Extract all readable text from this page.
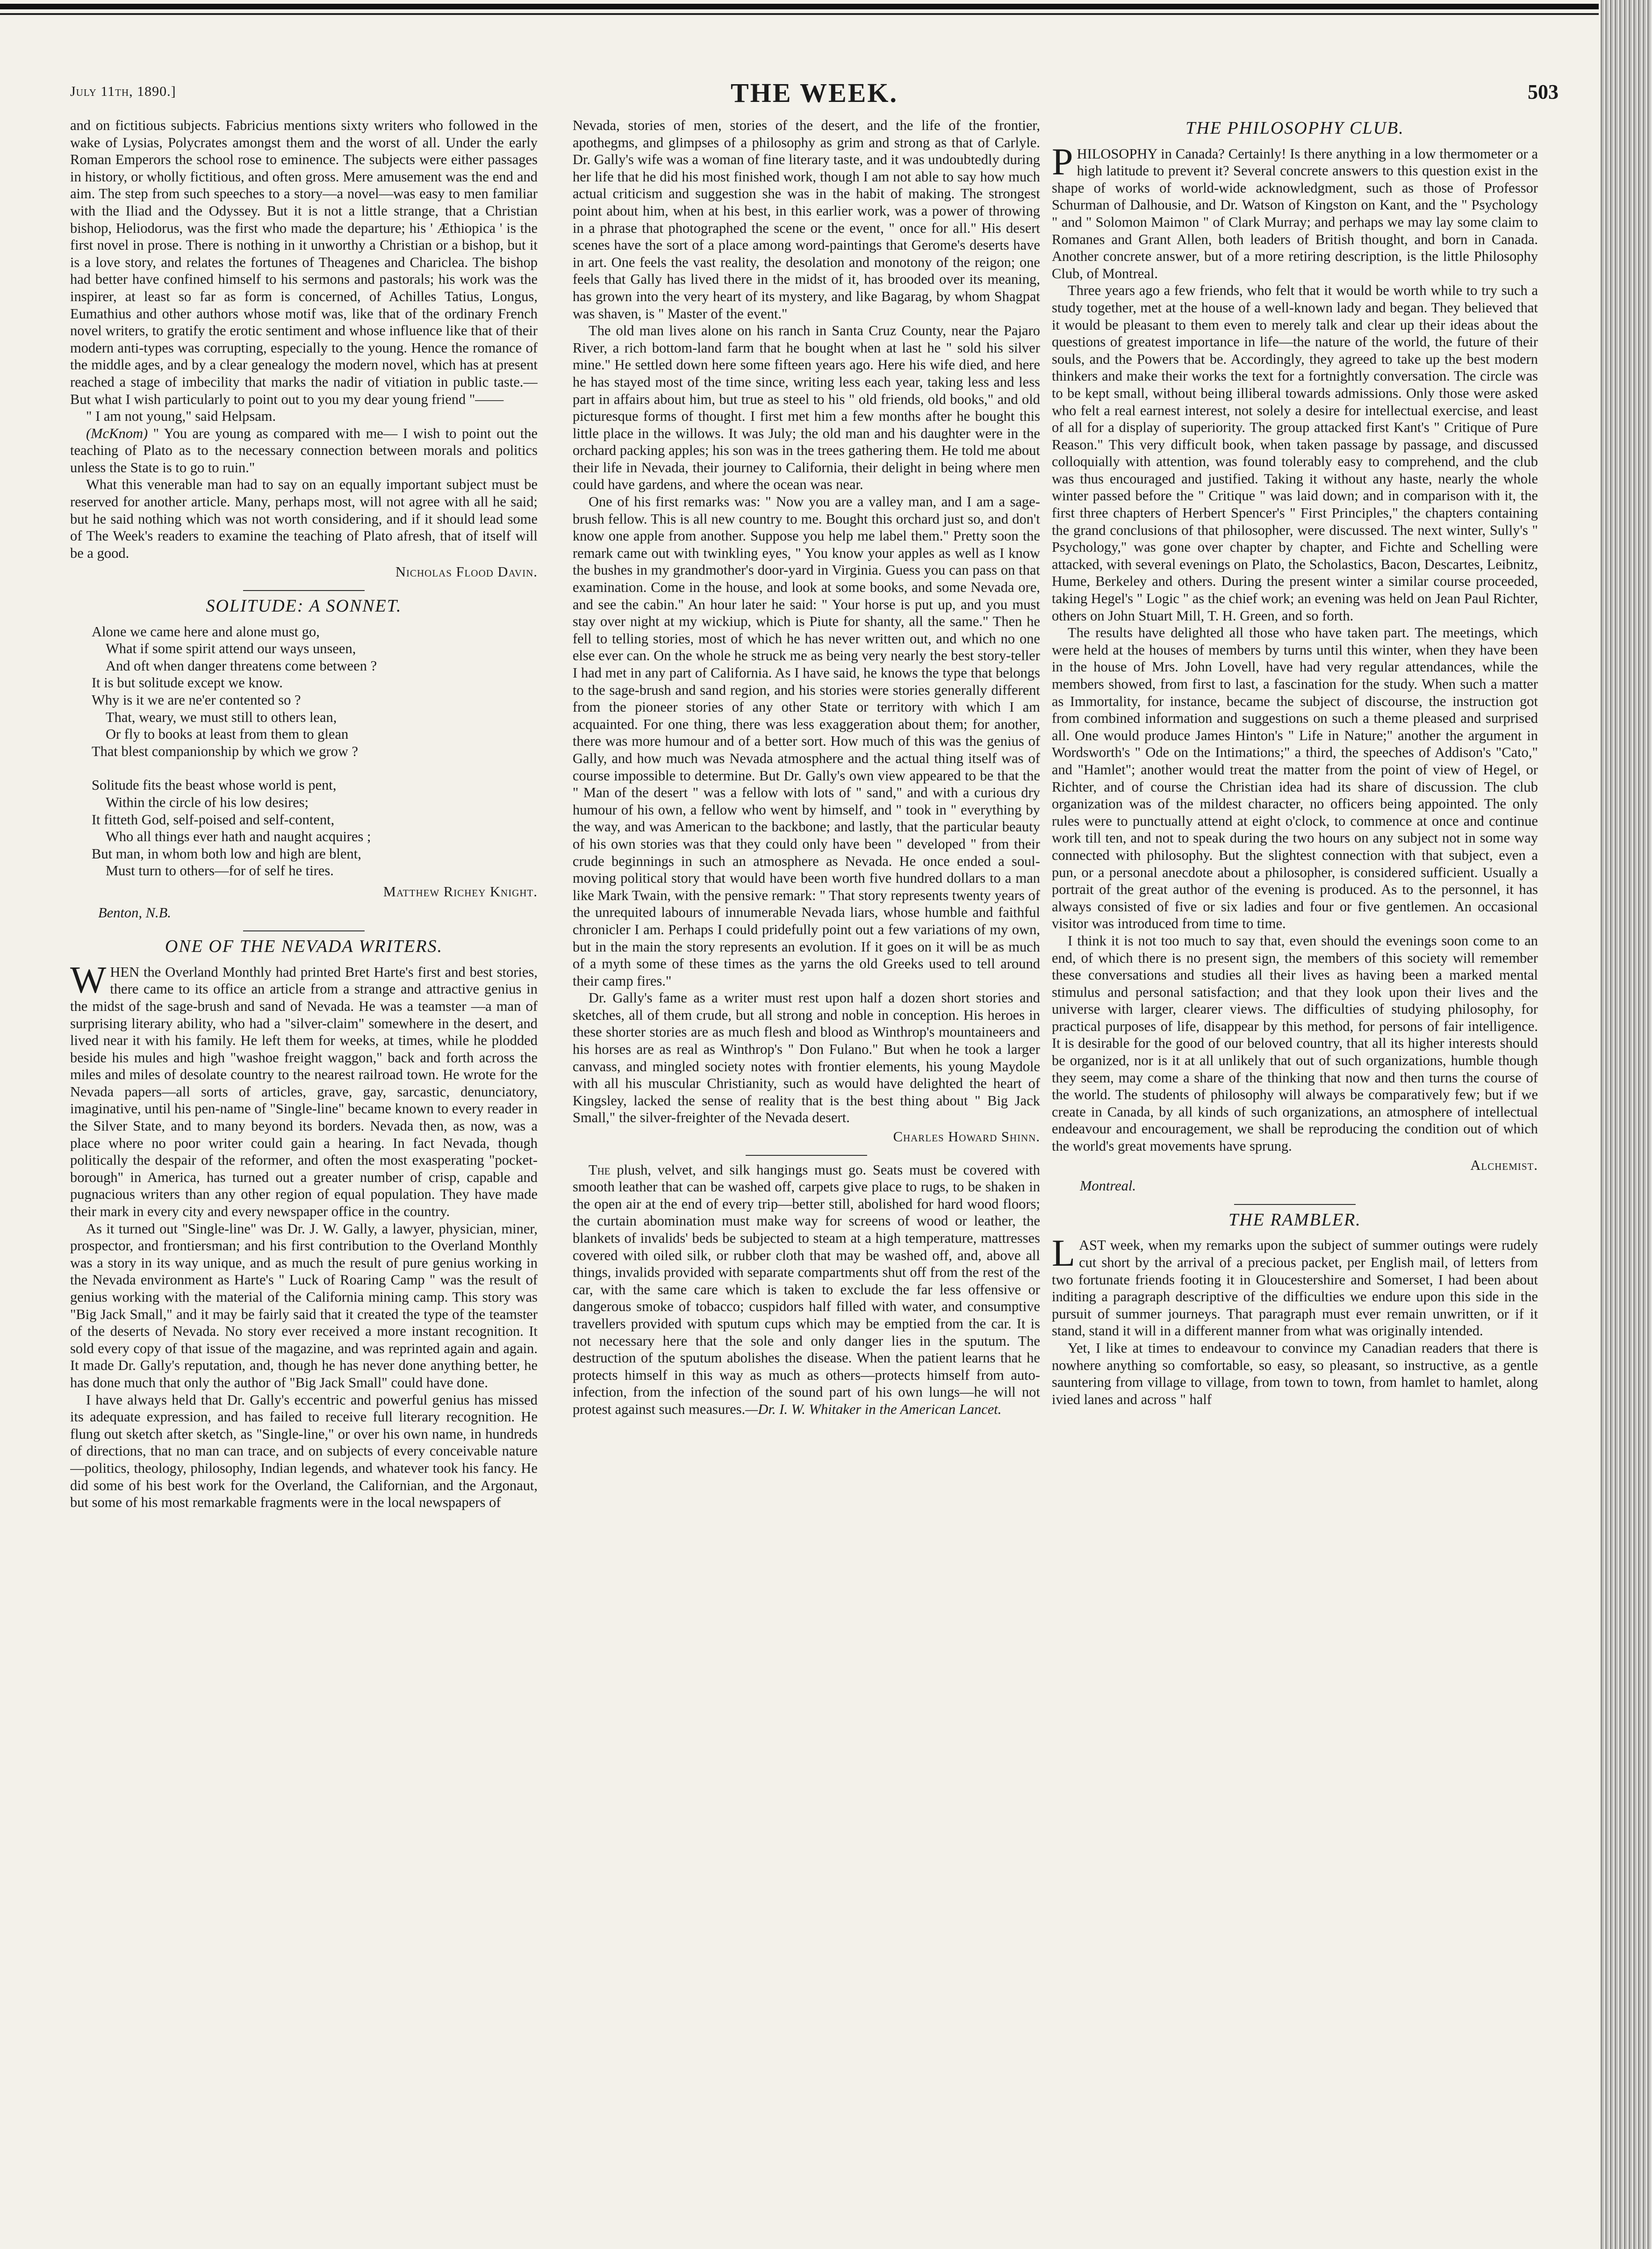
July 11th, 1890.]	THE WEEK.	503

and on fictitious subjects. Fabricius mentions sixty writers who followed in the wake of Lysias, Polycrates amongst them and the worst of all. Under the early Roman Emperors the school rose to eminence. The subjects were either passages in history, or wholly fictitious, and often gross. Mere amusement was the end and aim. The step from such speeches to a story—a novel—was easy to men familiar with the Iliad and the Odyssey. But it is not a little strange, that a Christian bishop, Heliodorus, was the first who made the departure; his ' Æthiopica ' is the first novel in prose. There is nothing in it unworthy a Christian or a bishop, but it is a love story, and relates the fortunes of Theagenes and Chariclea. The bishop had better have confined himself to his sermons and pastorals; his work was the inspirer, at least so far as form is concerned, of Achilles Tatius, Longus, Eumathius and other authors whose motif was, like that of the ordinary French novel writers, to gratify the erotic sentiment and whose influence like that of their modern anti-types was corrupting, especially to the young. Hence the romance of the middle ages, and by a clear genealogy the modern novel, which has at present reached a stage of imbecility that marks the nadir of vitiation in public taste.— But what I wish particularly to point out to you my dear young friend "——

" I am not young," said Helpsam.

(McKnom) " You are young as compared with me— I wish to point out the teaching of Plato as to the necessary connection between morals and politics unless the State is to go to ruin."

What this venerable man had to say on an equally important subject must be reserved for another article. Many, perhaps most, will not agree with all he said; but he said nothing which was not worth considering, and if it should lead some of The Week's readers to examine the teaching of Plato afresh, that of itself will be a good.

Nicholas Flood Davin.
SOLITUDE: A SONNET.
Alone we came here and alone must go,
What if some spirit attend our ways unseen,
And oft when danger threatens come between ?
It is but solitude except we know.
Why is it we are ne'er contented so ?
That, weary, we must still to others lean,
Or fly to books at least from them to glean
That blest companionship by which we grow ?
Solitude fits the beast whose world is pent,
Within the circle of his low desires;
It fitteth God, self-poised and self-content,
Who all things ever hath and naught acquires ;
But man, in whom both low and high are blent,
Must turn to others—for of self he tires.
Matthew Richey Knight.
Benton, N.B.
ONE OF THE NEVADA WRITERS.

WHEN the Overland Monthly had printed Bret Harte's first and best stories, there came to its office an article from a strange and attractive genius in the midst of the sage-brush and sand of Nevada. He was a teamster —a man of surprising literary ability, who had a "silver-claim" somewhere in the desert, and lived near it with his family. He left them for weeks, at times, while he plodded beside his mules and high "washoe freight waggon," back and forth across the miles and miles of desolate country to the nearest railroad town. He wrote for the Nevada papers—all sorts of articles, grave, gay, sarcastic, denunciatory, imaginative, until his pen-name of "Single-line" became known to every reader in the Silver State, and to many beyond its borders. Nevada then, as now, was a place where no poor writer could gain a hearing. In fact Nevada, though politically the despair of the reformer, and often the most exasperating "pocket-borough" in America, has turned out a greater number of crisp, capable and pugnacious writers than any other region of equal population. They have made their mark in every city and every newspaper office in the country.

As it turned out "Single-line" was Dr. J. W. Gally, a lawyer, physician, miner, prospector, and frontiersman; and his first contribution to the Overland Monthly was a story in its way unique, and as much the result of pure genius working in the Nevada environment as Harte's " Luck of Roaring Camp " was the result of genius working with the material of the California mining camp. This story was "Big Jack Small," and it may be fairly said that it created the type of the teamster of the deserts of Nevada. No story ever received a more instant recognition. It sold every copy of that issue of the magazine, and was reprinted again and again. It made Dr. Gally's reputation, and, though he has never done anything better, he has done much that only the author of "Big Jack Small" could have done.

I have always held that Dr. Gally's eccentric and powerful genius has missed its adequate expression, and has failed to receive full literary recognition. He flung out sketch after sketch, as "Single-line," or over his own name, in hundreds of directions, that no man can trace, and on subjects of every conceivable nature—politics, theology, philosophy, Indian legends, and whatever took his fancy. He did some of his best work for the Overland, the Californian, and the Argonaut, but some of his most remarkable fragments were in the local newspapers of

Nevada, stories of men, stories of the desert, and the life of the frontier, apothegms, and glimpses of a philosophy as grim and strong as that of Carlyle. Dr. Gally's wife was a woman of fine literary taste, and it was undoubtedly during her life that he did his most finished work, though I am not able to say how much actual criticism and suggestion she was in the habit of making. The strongest point about him, when at his best, in this earlier work, was a power of throwing in a phrase that photographed the scene or the event, " once for all." His desert scenes have the sort of a place among word-paintings that Gerome's deserts have in art. One feels the vast reality, the desolation and monotony of the reigon; one feels that Gally has lived there in the midst of it, has brooded over its meaning, has grown into the very heart of its mystery, and like Bagarag, by whom Shagpat was shaven, is " Master of the event."

The old man lives alone on his ranch in Santa Cruz County, near the Pajaro River, a rich bottom-land farm that he bought when at last he " sold his silver mine." He settled down here some fifteen years ago. Here his wife died, and here he has stayed most of the time since, writing less each year, taking less and less part in affairs about him, but true as steel to his " old friends, old books," and old picturesque forms of thought. I first met him a few months after he bought this little place in the willows. It was July; the old man and his daughter were in the orchard packing apples; his son was in the trees gathering them. He told me about their life in Nevada, their journey to California, their delight in being where men could have gardens, and where the ocean was near.

One of his first remarks was: " Now you are a valley man, and I am a sage-brush fellow. This is all new country to me. Bought this orchard just so, and don't know one apple from another. Suppose you help me label them." Pretty soon the remark came out with twinkling eyes, " You know your apples as well as I know the bushes in my grandmother's door-yard in Virginia. Guess you can pass on that examination. Come in the house, and look at some books, and some Nevada ore, and see the cabin." An hour later he said: " Your horse is put up, and you must stay over night at my wickiup, which is Piute for shanty, all the same." Then he fell to telling stories, most of which he has never written out, and which no one else ever can. On the whole he struck me as being very nearly the best story-teller I had met in any part of California. As I have said, he knows the type that belongs to the sage-brush and sand region, and his stories were stories generally different from the pioneer stories of any other State or territory with which I am acquainted. For one thing, there was less exaggeration about them; for another, there was more humour and of a better sort. How much of this was the genius of Gally, and how much was Nevada atmosphere and the actual thing itself was of course impossible to determine. But Dr. Gally's own view appeared to be that the " Man of the desert " was a fellow with lots of " sand," and with a curious dry humour of his own, a fellow who went by himself, and " took in " everything by the way, and was American to the backbone; and lastly, that the particular beauty of his own stories was that they could only have been " developed " from their crude beginnings in such an atmosphere as Nevada. He once ended a soul-moving political story that would have been worth five hundred dollars to a man like Mark Twain, with the pensive remark: " That story represents twenty years of the unrequited labours of innumerable Nevada liars, whose humble and faithful chronicler I am. Perhaps I could pridefully point out a few variations of my own, but in the main the story represents an evolution. If it goes on it will be as much of a myth some of these times as the yarns the old Greeks used to tell around their camp fires."

Dr. Gally's fame as a writer must rest upon half a dozen short stories and sketches, all of them crude, but all strong and noble in conception. His heroes in these shorter stories are as much flesh and blood as Winthrop's mountaineers and his horses are as real as Winthrop's " Don Fulano." But when he took a larger canvass, and mingled society notes with frontier elements, his young Maydole with all his muscular Christianity, such as would have delighted the heart of Kingsley, lacked the sense of reality that is the best thing about " Big Jack Small," the silver-freighter of the Nevada desert.

Charles Howard Shinn.

The plush, velvet, and silk hangings must go. Seats must be covered with smooth leather that can be washed off, carpets give place to rugs, to be shaken in the open air at the end of every trip—better still, abolished for hard wood floors; the curtain abomination must make way for screens of wood or leather, the blankets of invalids' beds be subjected to steam at a high temperature, mattresses covered with oiled silk, or rubber cloth that may be washed off, and, above all things, invalids provided with separate compartments shut off from the rest of the car, with the same care which is taken to exclude the far less offensive or dangerous smoke of tobacco; cuspidors half filled with water, and consumptive travellers provided with sputum cups which may be emptied from the car. It is not necessary here that the sole and only danger lies in the sputum. The destruction of the sputum abolishes the disease. When the patient learns that he protects himself in this way as much as others—protects himself from auto-infection, from the infection of the sound part of his own lungs—he will not protest against such measures.—Dr. I. W. Whitaker in the American Lancet.

THE PHILOSOPHY CLUB.

PHILOSOPHY in Canada? Certainly! Is there anything in a low thermometer or a high latitude to prevent it? Several concrete answers to this question exist in the shape of works of world-wide acknowledgment, such as those of Professor Schurman of Dalhousie, and Dr. Watson of Kingston on Kant, and the " Psychology " and " Solomon Maimon " of Clark Murray; and perhaps we may lay some claim to Romanes and Grant Allen, both leaders of British thought, and born in Canada. Another concrete answer, but of a more retiring description, is the little Philosophy Club, of Montreal.

Three years ago a few friends, who felt that it would be worth while to try such a study together, met at the house of a well-known lady and began. They believed that it would be pleasant to them even to merely talk and clear up their ideas about the questions of greatest importance in life—the nature of the world, the future of their souls, and the Powers that be. Accordingly, they agreed to take up the best modern thinkers and make their works the text for a fortnightly conversation. The circle was to be kept small, without being illiberal towards admissions. Only those were asked who felt a real earnest interest, not solely a desire for intellectual exercise, and least of all for a display of superiority. The group attacked first Kant's " Critique of Pure Reason." This very difficult book, when taken passage by passage, and discussed colloquially with attention, was found tolerably easy to comprehend, and the club was thus encouraged and justified. Taking it without any haste, nearly the whole winter passed before the " Critique " was laid down; and in comparison with it, the first three chapters of Herbert Spencer's " First Principles," the chapters containing the grand conclusions of that philosopher, were discussed. The next winter, Sully's " Psychology," was gone over chapter by chapter, and Fichte and Schelling were attacked, with several evenings on Plato, the Scholastics, Bacon, Descartes, Leibnitz, Hume, Berkeley and others. During the present winter a similar course proceeded, taking Hegel's " Logic " as the chief work; an evening was held on Jean Paul Richter, others on John Stuart Mill, T. H. Green, and so forth.

The results have delighted all those who have taken part. The meetings, which were held at the houses of members by turns until this winter, when they have been in the house of Mrs. John Lovell, have had very regular attendances, while the members showed, from first to last, a fascination for the study. When such a matter as Immortality, for instance, became the subject of discourse, the instruction got from combined information and suggestions on such a theme pleased and surprised all. One would produce James Hinton's " Life in Nature;" another the argument in Wordsworth's " Ode on the Intimations;" a third, the speeches of Addison's "Cato," and "Hamlet"; another would treat the matter from the point of view of Hegel, or Richter, and of course the Christian idea had its share of discussion. The club organization was of the mildest character, no officers being appointed. The only rules were to punctually attend at eight o'clock, to commence at once and continue work till ten, and not to speak during the two hours on any subject not in some way connected with philosophy. But the slightest connection with that subject, even a pun, or a personal anecdote about a philosopher, is considered sufficient. Usually a portrait of the great author of the evening is produced. As to the personnel, it has always consisted of five or six ladies and four or five gentlemen. An occasional visitor was introduced from time to time.

I think it is not too much to say that, even should the evenings soon come to an end, of which there is no present sign, the members of this society will remember these conversations and studies all their lives as having been a marked mental stimulus and personal satisfaction; and that they look upon their lives and the universe with larger, clearer views. The difficulties of studying philosophy, for practical purposes of life, disappear by this method, for persons of fair intelligence. It is desirable for the good of our beloved country, that all its higher interests should be organized, nor is it at all unlikely that out of such organizations, humble though they seem, may come a share of the thinking that now and then turns the course of the world. The students of philosophy will always be comparatively few; but if we create in Canada, by all kinds of such organizations, an atmosphere of intellectual endeavour and encouragement, we shall be reproducing the condition out of which the world's great movements have sprung.

Alchemist.
Montreal.
THE RAMBLER.

LAST week, when my remarks upon the subject of summer outings were rudely cut short by the arrival of a precious packet, per English mail, of letters from two fortunate friends footing it in Gloucestershire and Somerset, I had been about inditing a paragraph descriptive of the difficulties we endure upon this side in the pursuit of summer journeys. That paragraph must ever remain unwritten, or if it stand, stand it will in a different manner from what was originally intended.

Yet, I like at times to endeavour to convince my Canadian readers that there is nowhere anything so comfortable, so easy, so pleasant, so instructive, as a gentle sauntering from village to village, from town to town, from hamlet to hamlet, along ivied lanes and across " half
